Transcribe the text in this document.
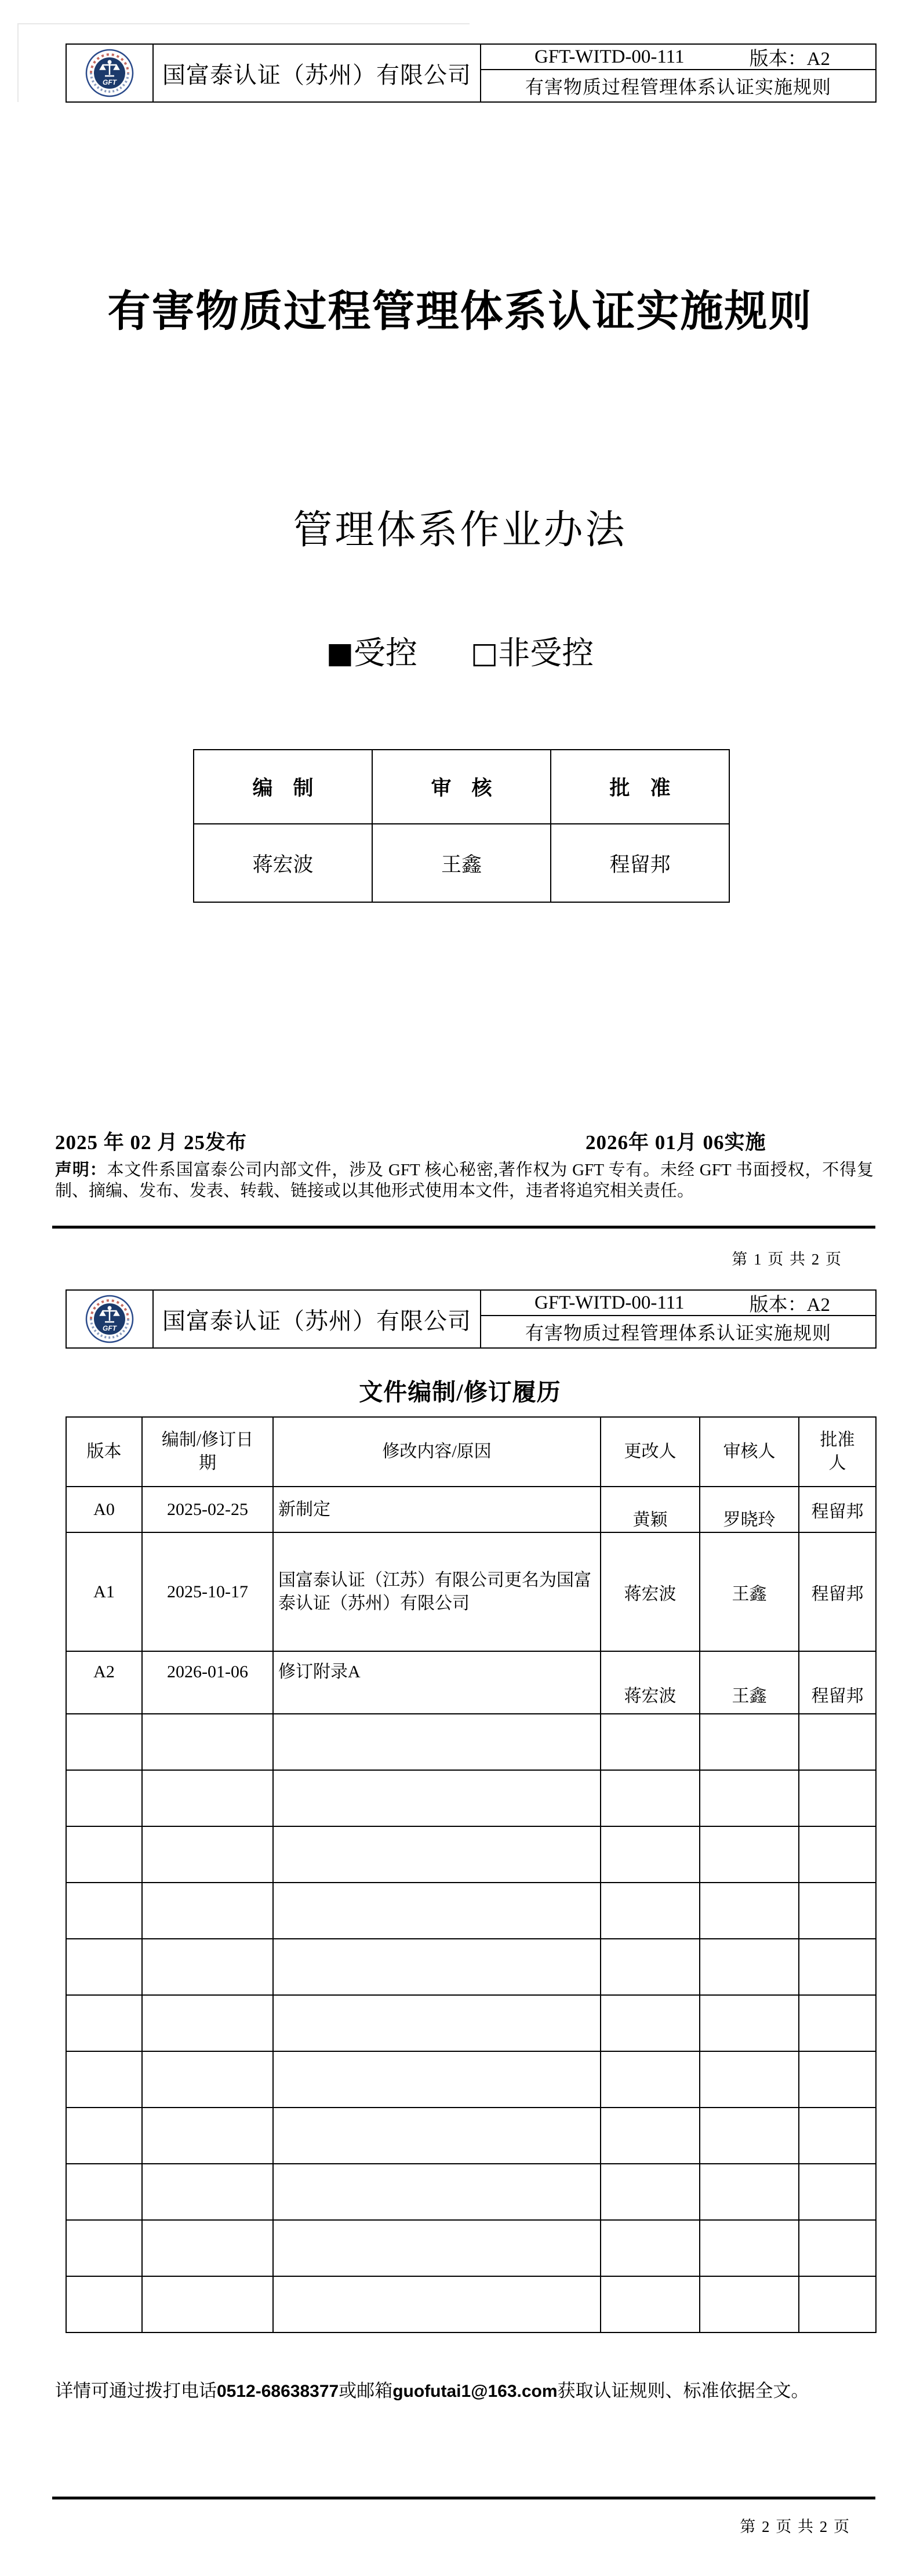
GFT	国富泰认证（苏州）有限公司
GFT-WITD-00-111	版本：A2
有害物质过程管理体系认证实施规则
有害物质过程管理体系认证实施规则
管理体系作业办法
■受控 □非受控
编　制	审　核	批　准
蒋宏波	王鑫	程留邦
2025 年 02 月 25发布	2026年 01月 06实施

声明：本文件系国富泰公司内部文件，涉及 GFT 核心秘密,著作权为 GFT 专有。未经 GFT 书面授权，不得复制、摘编、发布、发表、转载、链接或以其他形式使用本文件，违者将追究相关责任。

第 1 页 共 2 页
GFT	国富泰认证（苏州）有限公司
GFT-WITD-00-111	版本：A2
有害物质过程管理体系认证实施规则
文件编制/修订履历
版本	编制/修订日期	修改内容/原因	更改人	审核人	批准人
A0	2025-02-25	新制定	黄颖	罗晓玲	程留邦
A1	2025-10-17	国富泰认证（江苏）有限公司更名为国富泰认证（苏州）有限公司	蒋宏波	王鑫	程留邦
A2	2026-01-06	修订附录A	蒋宏波	王鑫	程留邦

详情可通过拨打电话0512-68638377或邮箱guofutai1@163.com获取认证规则、标准依据全文。

第 2 页 共 2 页
